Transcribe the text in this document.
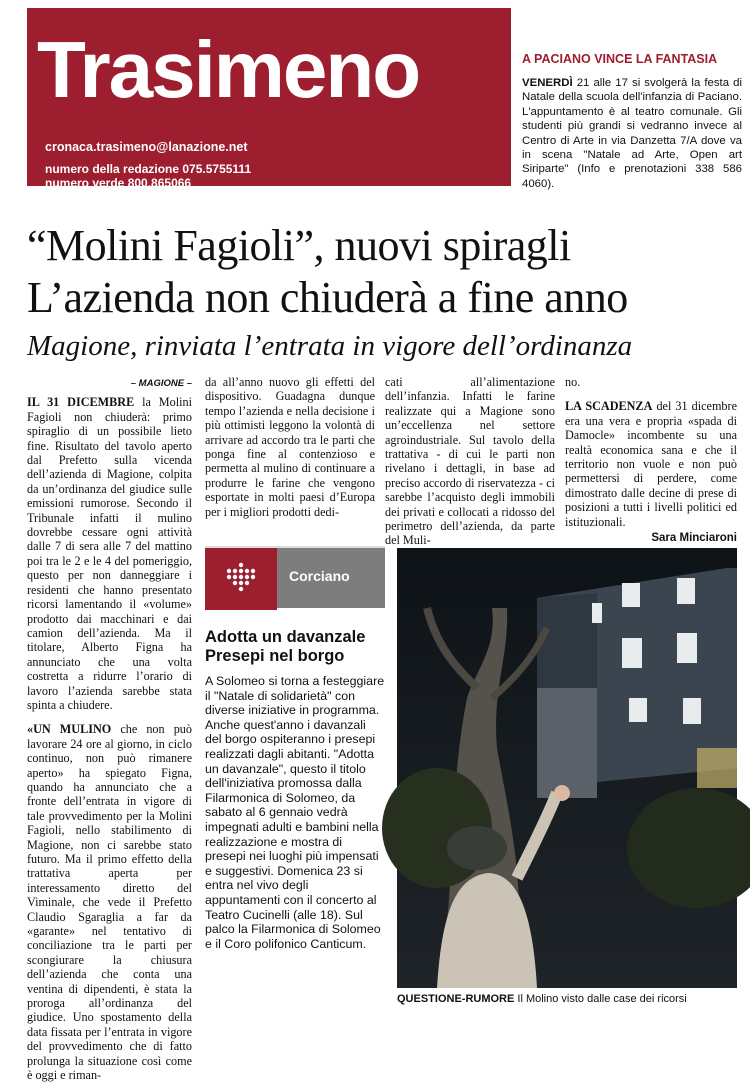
Trasimeno
cronaca.trasimeno@lanazione.net
numero della redazione 075.5755111
numero verde 800.865066
A PACIANO VINCE LA FANTASIA
VENERDÌ 21 alle 17 si svolgerà la festa di Natale della scuola dell'infanzia di Paciano. L'appuntamento è al teatro comunale. Gli studenti più grandi si vedranno invece al Centro di Arte in via Danzetta 7/A dove va in scena "Natale ad Arte, Open art Siriparte" (Info e prenotazioni 338 586 4060).
“Molini Fagioli”, nuovi spiragli
L’azienda non chiuderà a fine anno
Magione, rinviata l’entrata in vigore dell’ordinanza
– MAGIONE –

IL 31 DICEMBRE la Molini Fagioli non chiuderà: primo spiraglio di un possibile lieto fine. Risultato del tavolo aperto dal Prefetto sulla vicenda dell’azienda di Magione, colpita da un’ordinanza del giudice sulle emissioni rumorose. Secondo il Tribunale infatti il mulino dovrebbe cessare ogni attività dalle 7 di sera alle 7 del mattino poi tra le 2 e le 4 del pomeriggio, questo per non danneggiare i residenti che hanno presentato ricorsi lamentando il «volume» prodotto dai macchinari e dai camion dell’azienda. Ma il titolare, Alberto Figna ha annunciato che una volta costretta a ridurre l’orario di lavoro l’azienda sarebbe stata spinta a chiudere.

«UN MULINO che non può lavorare 24 ore al giorno, in ciclo continuo, non può rimanere aperto» ha spiegato Figna, quando ha annunciato che a fronte dell’entrata in vigore di tale provvedimento per la Molini Fagioli, nello stabilimento di Magione, non ci sarebbe stato futuro. Ma il primo effetto della trattativa aperta per interessamento diretto del Viminale, che vede il Prefetto Claudio Sgaraglia a far da «garante» nel tentativo di conciliazione tra le parti per scongiurare la chiusura dell’azienda che conta una ventina di dipendenti, è stata la proroga all’ordinanza del giudice. Uno spostamento della data fissata per l’entrata in vigore del provvedimento che di fatto prolunga la situazione così come è oggi e riman-

da all’anno nuovo gli effetti del dispositivo. Guadagna dunque tempo l’azienda e nella decisione i più ottimisti leggono la volontà di arrivare ad accordo tra le parti che ponga fine al contenzioso e permetta al mulino di continuare a produrre le farine che vengono esportate in molti paesi d’Europa per i migliori prodotti dedi-

cati all’alimentazione dell’infanzia. Infatti le farine realizzate qui a Magione sono un’eccellenza nel settore agroindustriale. Sul tavolo della trattativa - di cui le parti non rivelano i dettagli, in base ad preciso accordo di riservatezza - ci sarebbe l’acquisto degli immobili dei privati e collocati a ridosso del perimetro dell’azienda, da parte del Muli-

no.

LA SCADENZA del 31 dicembre era una vera e propria «spada di Damocle» incombente su una realtà economica sana e che il territorio non vuole e non può permettersi di perdere, come dimostrato dalle decine di prese di posizioni a tutti i livelli politici ed istituzionali.

Sara Minciaroni
Corciano
Adotta un davanzale
Presepi nel borgo
A Solomeo si torna a festeggiare il "Natale di solidarietà" con diverse iniziative in programma. Anche quest'anno i davanzali del borgo ospiteranno i presepi realizzati dagli abitanti. "Adotta un davanzale", questo il titolo dell'iniziativa promossa dalla Filarmonica di Solomeo, da sabato al 6 gennaio vedrà impegnati adulti e bambini nella realizzazione e mostra di presepi nei luoghi più impensati e suggestivi. Domenica 23 si entra nel vivo degli appuntamenti con il concerto al Teatro Cucinelli (alle 18). Sul palco la Filarmonica di Solomeo e il Coro polifonico Canticum.
QUESTIONE-RUMORE Il Molino visto dalle case dei ricorsi
